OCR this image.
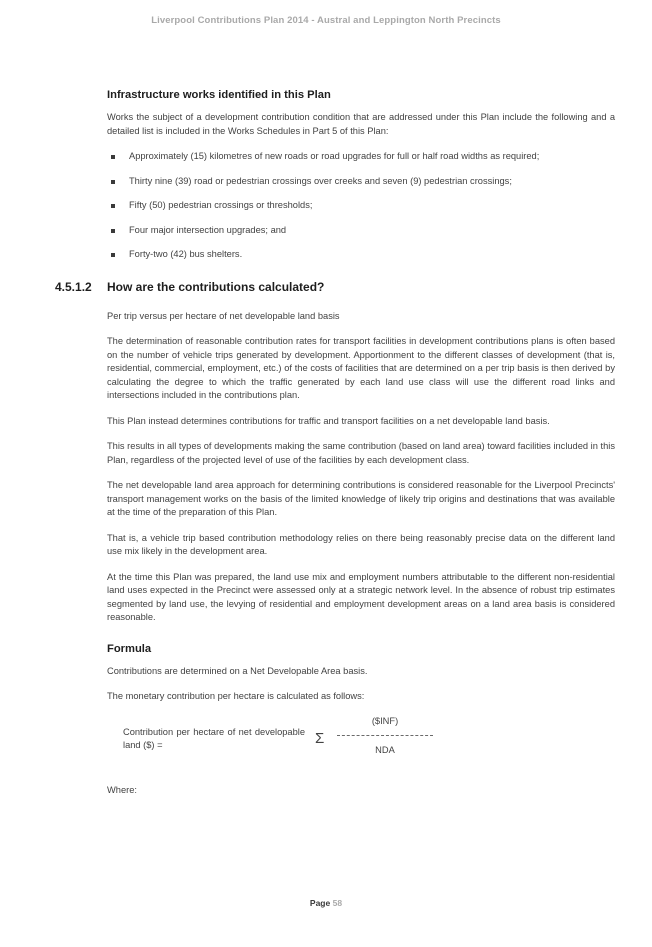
Liverpool Contributions Plan 2014 - Austral and Leppington North Precincts
Infrastructure works identified in this Plan

Works the subject of a development contribution condition that are addressed under this Plan include the following and a detailed list is included in the Works Schedules in Part 5 of this Plan:

Approximately (15) kilometres of new roads or road upgrades for full or half road widths as required;
Thirty nine (39) road or pedestrian crossings over creeks and seven (9) pedestrian crossings;
Fifty (50) pedestrian crossings or thresholds;
Four major intersection upgrades; and
Forty-two (42) bus shelters.
4.5.1.2 How are the contributions calculated?

Per trip versus per hectare of net developable land basis

The determination of reasonable contribution rates for transport facilities in development contributions plans is often based on the number of vehicle trips generated by development. Apportionment to the different classes of development (that is, residential, commercial, employment, etc.) of the costs of facilities that are determined on a per trip basis is then derived by calculating the degree to which the traffic generated by each land use class will use the different road links and intersections included in the contributions plan.

This Plan instead determines contributions for traffic and transport facilities on a net developable land basis.

This results in all types of developments making the same contribution (based on land area) toward facilities included in this Plan, regardless of the projected level of use of the facilities by each development class.

The net developable land area approach for determining contributions is considered reasonable for the Liverpool Precincts' transport management works on the basis of the limited knowledge of likely trip origins and destinations that was available at the time of the preparation of this Plan.

That is, a vehicle trip based contribution methodology relies on there being reasonably precise data on the different land use mix likely in the development area.

At the time this Plan was prepared, the land use mix and employment numbers attributable to the different non-residential land uses expected in the Precinct were assessed only at a strategic network level. In the absence of robust trip estimates segmented by land use, the levying of residential and employment development areas on a land area basis is considered reasonable.

Formula

Contributions are determined on a Net Developable Area basis.

The monetary contribution per hectare is calculated as follows:

Contribution per hectare of net developable land ($) =	Σ
($INF)
NDA

Where:

Page 58
